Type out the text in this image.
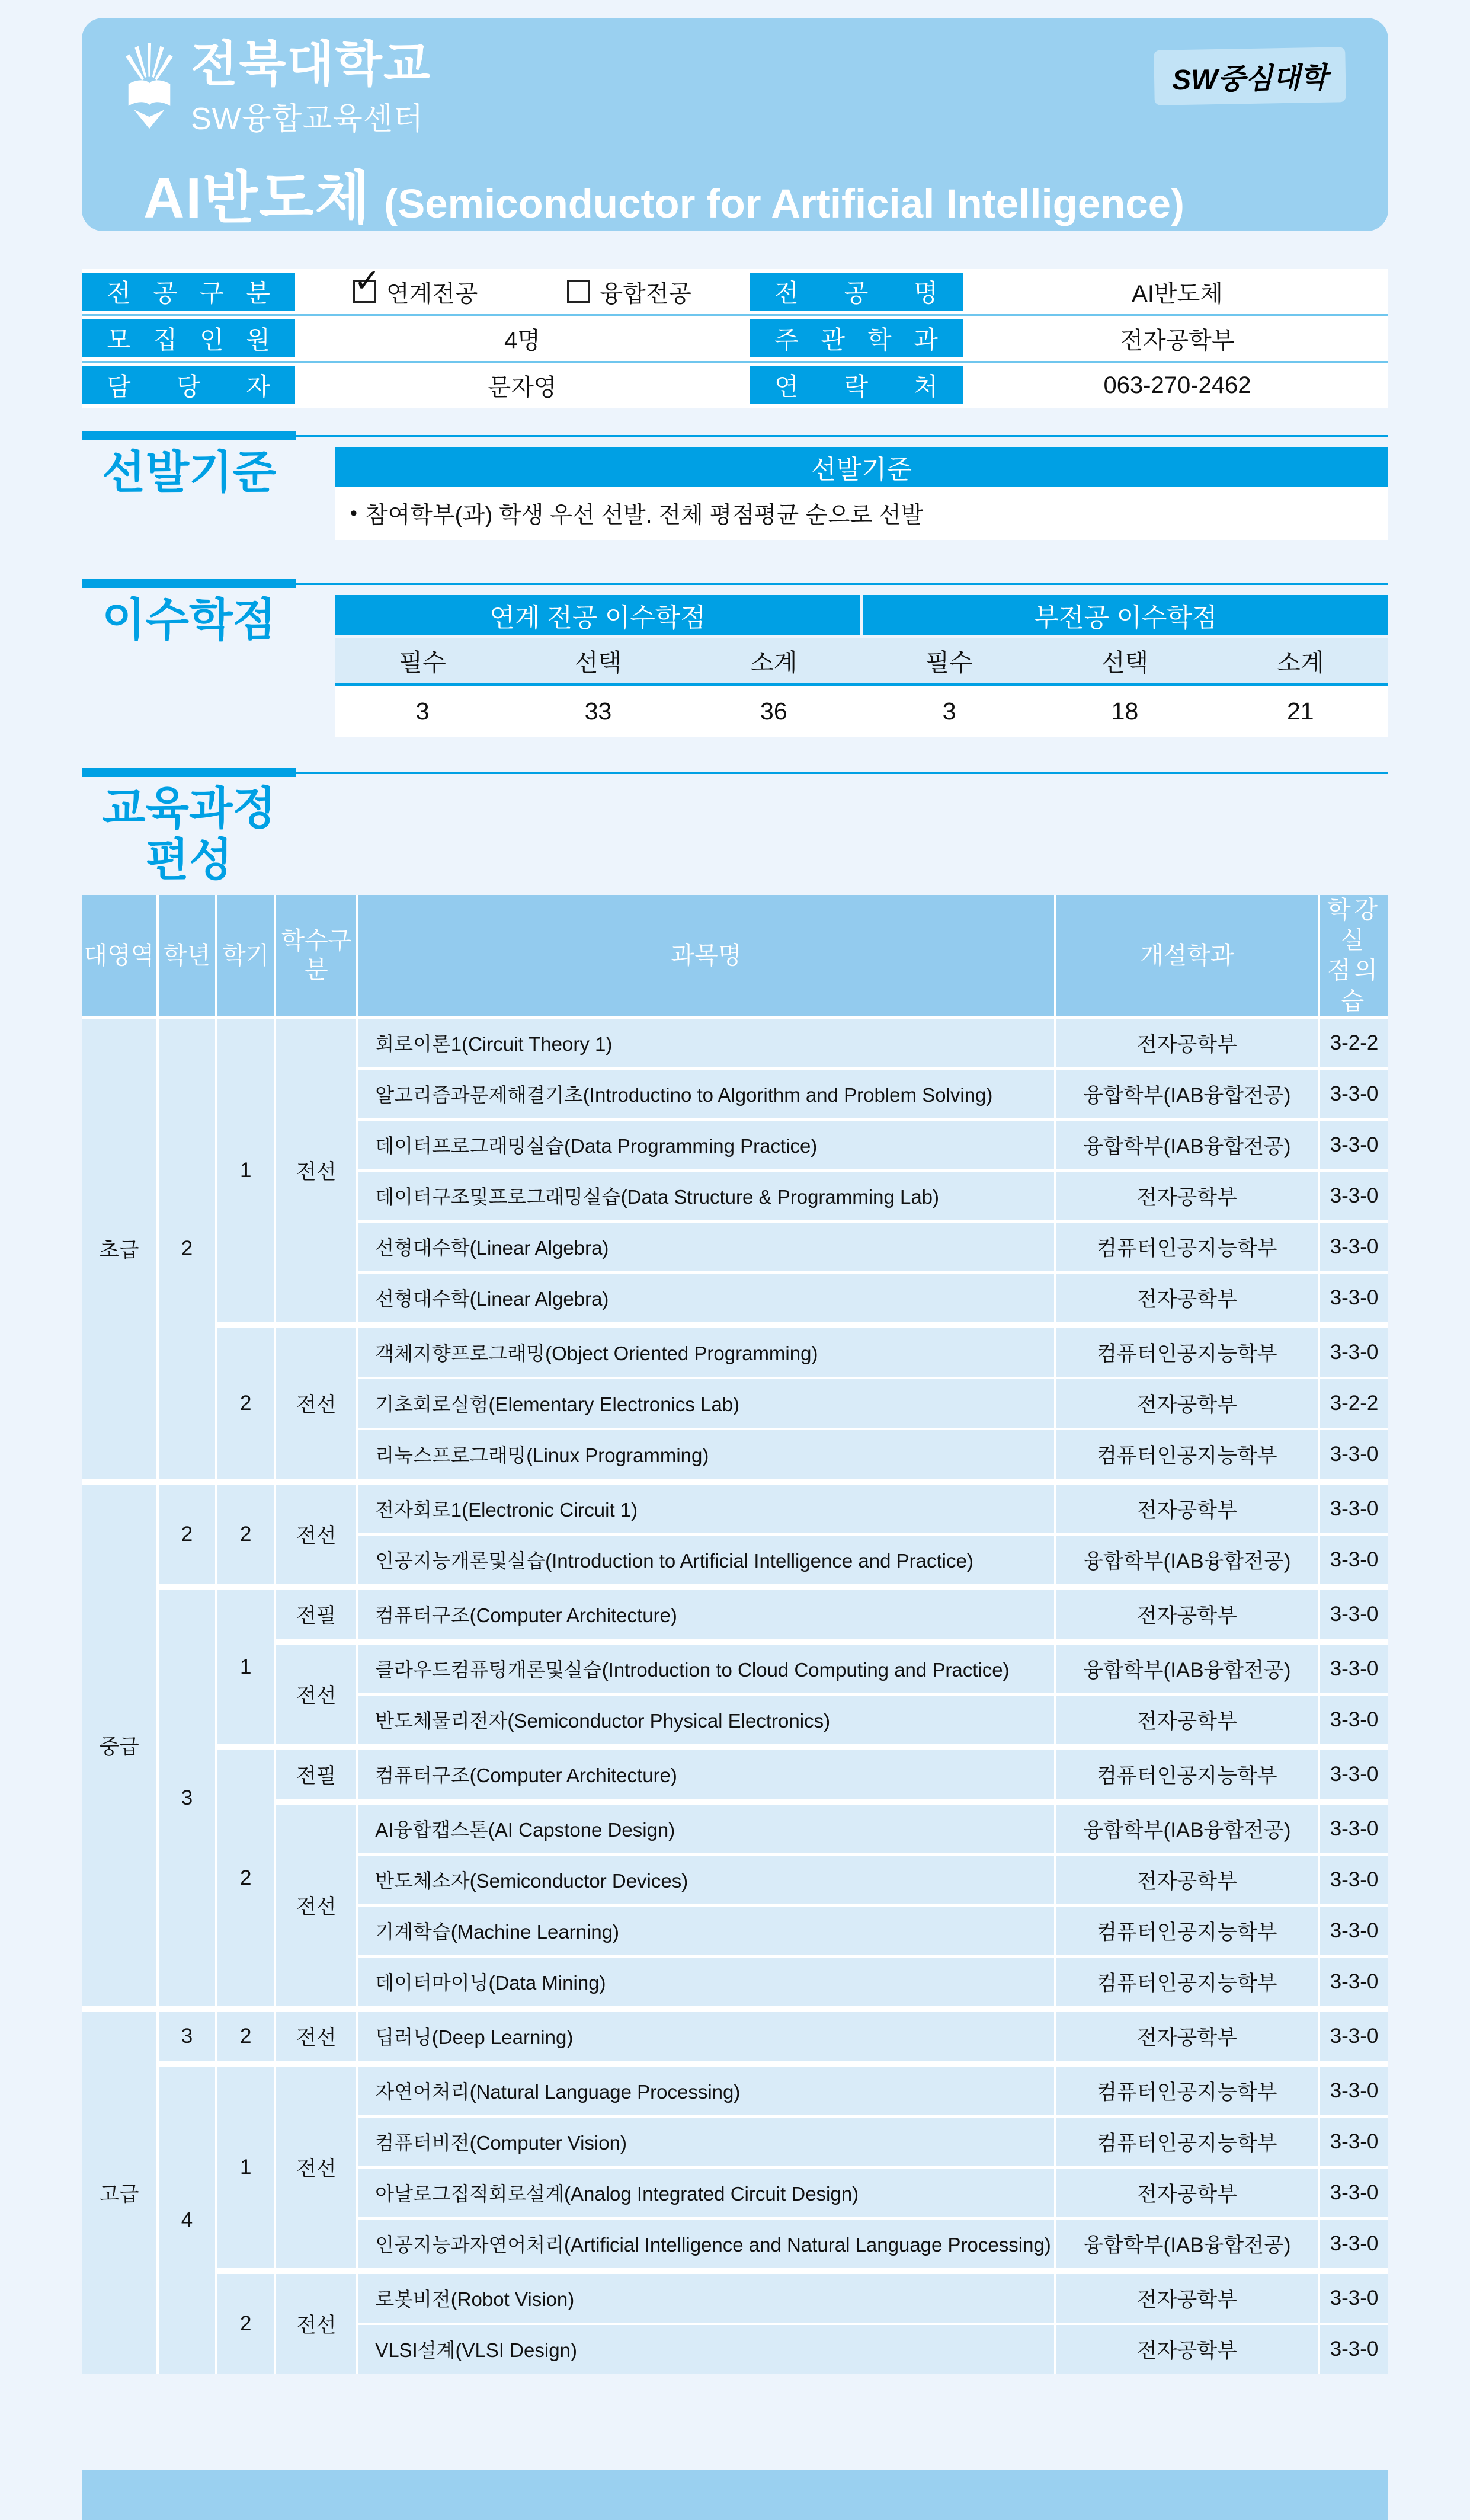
전북대학교
SW융합교육센터
SW중심대학
AI반도체 (Semiconductor for Artificial Intelligence)
전 공 구 분	✓ 연계전공	융합전공	전 공 명	AI반도체
모 집 인 원	4명	주 관 학 과	전자공학부
담 당 자	문자영	연 락 처	063-270-2462
선발기준	선발기준
• 참여학부(과) 학생 우선 선발. 전체 평점평균 순으로 선발
이수학점	연계 전공 이수학점	부전공 이수학점
필수	선택	소계	필수	선택	소계
3	33	36	3	18	21
교육과정
편성
대영역	학년	학기	학수구분	과목명	개설학과	학강실
점의습

초급	2	1	전선	회로이론1(Circuit Theory 1)	전자공학부	3-2-2
				알고리즘과문제해결기초(Introductino to Algorithm and Problem Solving)	융합학부(IAB융합전공)	3-3-0
				데이터프로그래밍실습(Data Programming Practice)	융합학부(IAB융합전공)	3-3-0
				데이터구조및프로그래밍실습(Data Structure & Programming Lab)	전자공학부	3-3-0
				선형대수학(Linear Algebra)	컴퓨터인공지능학부	3-3-0
				선형대수학(Linear Algebra)	전자공학부	3-3-0
		2	전선	객체지향프로그래밍(Object Oriented Programming)	컴퓨터인공지능학부	3-3-0
				기초회로실험(Elementary Electronics Lab)	전자공학부	3-2-2
				리눅스프로그래밍(Linux Programming)	컴퓨터인공지능학부	3-3-0
중급	2	2	전선	전자회로1(Electronic Circuit 1)	전자공학부	3-3-0
				인공지능개론및실습(Introduction to Artificial Intelligence and Practice)	융합학부(IAB융합전공)	3-3-0
	3	1	전필	컴퓨터구조(Computer Architecture)	전자공학부	3-3-0
			전선	클라우드컴퓨팅개론및실습(Introduction to Cloud Computing and Practice)	융합학부(IAB융합전공)	3-3-0
				반도체물리전자(Semiconductor Physical Electronics)	전자공학부	3-3-0
		2	전필	컴퓨터구조(Computer Architecture)	컴퓨터인공지능학부	3-3-0
			전선	AI융합캡스톤(AI Capstone Design)	융합학부(IAB융합전공)	3-3-0
				반도체소자(Semiconductor Devices)	전자공학부	3-3-0
				기계학습(Machine Learning)	컴퓨터인공지능학부	3-3-0
				데이터마이닝(Data Mining)	컴퓨터인공지능학부	3-3-0
고급	3	2	전선	딥러닝(Deep Learning)	전자공학부	3-3-0
	4	1	전선	자연어처리(Natural Language Processing)	컴퓨터인공지능학부	3-3-0
				컴퓨터비전(Computer Vision)	컴퓨터인공지능학부	3-3-0
				아날로그집적회로설계(Analog Integrated Circuit Design)	전자공학부	3-3-0
				인공지능과자연어처리(Artificial Intelligence and Natural Language Processing)	융합학부(IAB융합전공)	3-3-0
		2	전선	로봇비전(Robot Vision)	전자공학부	3-3-0
				VLSI설계(VLSI Design)	전자공학부	3-3-0
